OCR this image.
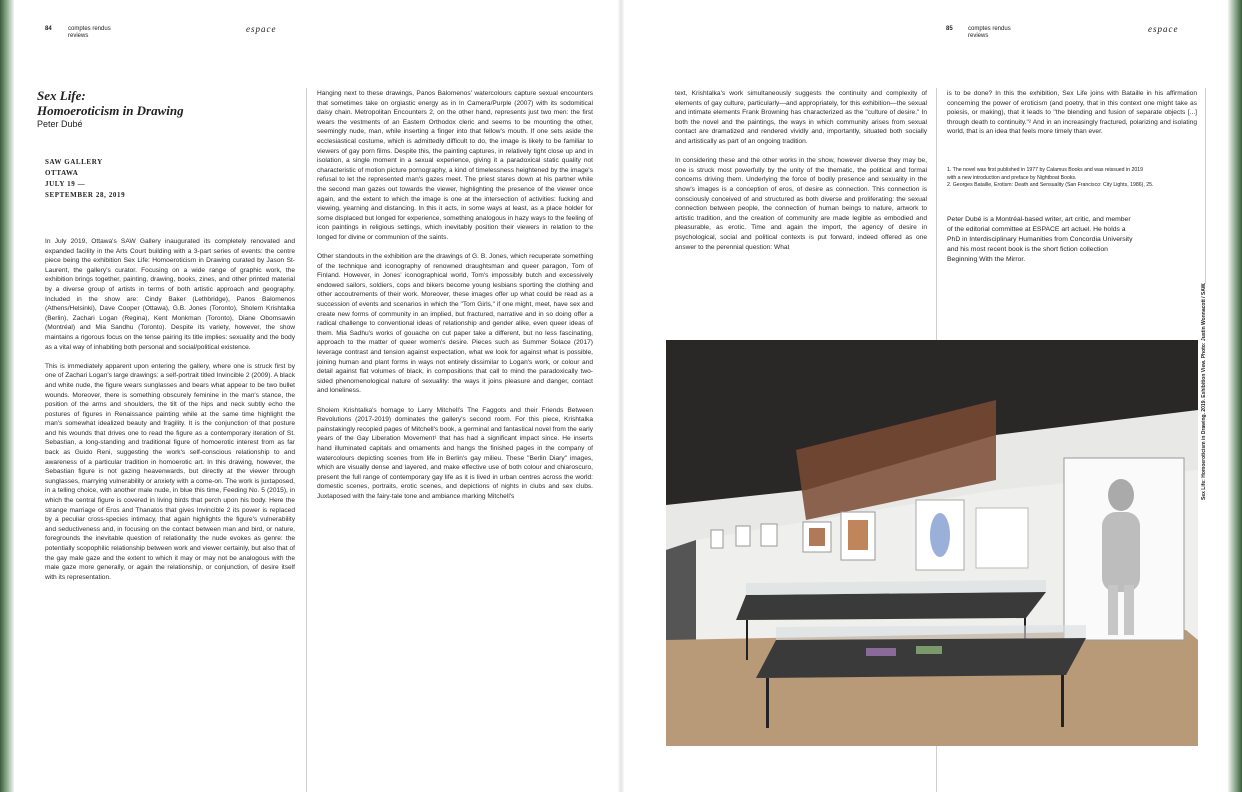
84	comptes rendus
reviews
espace	85	comptes rendus
reviews
espace
Sex Life:
Homoeroticism in Drawing
Peter Dubé
SAW GALLERY
OTTAWA
JULY 19 —
SEPTEMBER 28, 2019

In July 2019, Ottawa's SAW Gallery inaugurated its completely renovated and expanded facility in the Arts Court building with a 3-part series of events: the centre piece being the exhibition Sex Life: Homoeroticism in Drawing curated by Jason St-Laurent, the gallery's curator. Focusing on a wide range of graphic work, the exhibition brings together, painting, drawing, books, zines, and other printed material by a diverse group of artists in terms of both artistic approach and geography. Included in the show are: Cindy Baker (Lethbridge), Panos Balomenos (Athens/Helsinki), Dave Cooper (Ottawa), G.B. Jones (Toronto), Sholem Krishtalka (Berlin), Zachari Logan (Regina), Kent Monkman (Toronto), Diane Obomsawin (Montréal) and Mia Sandhu (Toronto). Despite its variety, however, the show maintains a rigorous focus on the tense pairing its title implies: sexuality and the body as a vital way of inhabiting both personal and social/political existence.

This is immediately apparent upon entering the gallery, where one is struck first by one of Zachari Logan's large drawings: a self-portrait titled Invincible 2 (2009). A black and white nude, the figure wears sunglasses and bears what appear to be two bullet wounds. Moreover, there is something obscurely feminine in the man's stance, the position of the arms and shoulders, the tilt of the hips and neck subtly echo the postures of figures in Renaissance painting while at the same time highlight the man's somewhat idealized beauty and fragility. It is the conjunction of that posture and his wounds that drives one to read the figure as a contemporary iteration of St. Sebastian, a long-standing and traditional figure of homoerotic interest from as far back as Guido Reni, suggesting the work's self-conscious relationship to and awareness of a particular tradition in homoerotic art. In this drawing, however, the Sebastian figure is not gazing heavenwards, but directly at the viewer through sunglasses, marrying vulnerability or anxiety with a come-on. The work is juxtaposed, in a telling choice, with another male nude, in blue this time, Feeding No. 5 (2015), in which the central figure is covered in living birds that perch upon his body. Here the strange marriage of Eros and Thanatos that gives Invincible 2 its power is replaced by a peculiar cross-species intimacy, that again highlights the figure's vulnerability and seductiveness and, in focusing on the contact between man and bird, or nature, foregrounds the inevitable question of relationality the nude evokes as genre: the potentially scopophilic relationship between work and viewer certainly, but also that of the gay male gaze and the extent to which it may or may not be analogous with the male gaze more generally, or again the relationship, or conjunction, of desire itself with its representation.

Hanging next to these drawings, Panos Balomenos' watercolours capture sexual encounters that sometimes take on orgiastic energy as in In Camera/Purple (2007) with its sodomitical daisy chain. Metropolitan Encounters 2, on the other hand, represents just two men: the first wears the vestments of an Eastern Orthodox cleric and seems to be mounting the other, seemingly nude, man, while inserting a finger into that fellow's mouth. If one sets aside the ecclesiastical costume, which is admittedly difficult to do, the image is likely to be familiar to viewers of gay porn films. Despite this, the painting captures, in relatively tight close up and in isolation, a single moment in a sexual experience, giving it a paradoxical static quality not characteristic of motion picture pornography, a kind of timelessness heightened by the image's refusal to let the represented man's gazes meet. The priest stares down at his partner while the second man gazes out towards the viewer, highlighting the presence of the viewer once again, and the extent to which the image is one at the intersection of activities: fucking and viewing, yearning and distancing. In this it acts, in some ways at least, as a place holder for some displaced but longed for experience, something analogous in hazy ways to the feeling of icon paintings in religious settings, which inevitably position their viewers in relation to the longed for divine or communion of the saints.

Other standouts in the exhibition are the drawings of G. B. Jones, which recuperate something of the technique and iconography of renowned draughtsman and queer paragon, Tom of Finland. However, in Jones' iconographical world, Tom's impossibly butch and excessively endowed sailors, soldiers, cops and bikers become young lesbians sporting the clothing and other accoutrements of their work. Moreover, these images offer up what could be read as a succession of events and scenarios in which the "Tom Girls," if one might, meet, have sex and create new forms of community in an implied, but fractured, narrative and in so doing offer a radical challenge to conventional ideas of relationship and gender alike, even queer ideas of them. Mia Sadhu's works of gouache on cut paper take a different, but no less fascinating, approach to the matter of queer women's desire. Pieces such as Summer Solace (2017) leverage contrast and tension against expectation, what we look for against what is possible, joining human and plant forms in ways not entirely dissimilar to Logan's work, or colour and detail against flat volumes of black, in compositions that call to mind the paradoxically two-sided phenomenological nature of sexuality: the ways it joins pleasure and danger, contact and loneliness.

Sholem Krishtalka's homage to Larry Mitchell's The Faggots and their Friends Between Revolutions (2017-2019) dominates the gallery's second room. For this piece, Krishtalka painstakingly recopied pages of Mitchell's book, a germinal and fantastical novel from the early years of the Gay Liberation Movement¹ that has had a significant impact since. He inserts hand illuminated capitals and ornaments and hangs the finished pages in the company of watercolours depicting scenes from life in Berlin's gay milieu. These "Berlin Diary" images, which are visually dense and layered, and make effective use of both colour and chiaroscuro, present the full range of contemporary gay life as it is lived in urban centres across the world: domestic scenes, portraits, erotic scenes, and depictions of nights in clubs and sex clubs. Juxtaposed with the fairy-tale tone and ambiance marking Mitchell's

text, Krishtalka's work simultaneously suggests the continuity and complexity of elements of gay culture, particularly—and appropriately, for this exhibition—the sexual and intimate elements Frank Browning has characterized as the "culture of desire." In both the novel and the paintings, the ways in which community arises from sexual contact are dramatized and rendered vividly and, importantly, situated both socially and artistically as part of an ongoing tradition.

In considering these and the other works in the show, however diverse they may be, one is struck most powerfully by the unity of the thematic, the political and formal concerns driving them. Underlying the force of bodily presence and sexuality in the show's images is a conception of eros, of desire as connection. This connection is consciously conceived of and structured as both diverse and proliferating: the sexual connection between people, the connection of human beings to nature, artwork to artistic tradition, and the creation of community are made legible as embodied and pleasurable, as erotic. Time and again the import, the agency of desire in psychological, social and political contexts is put forward, indeed offered as one answer to the perennial question: What

is to be done? In this the exhibition, Sex Life joins with Bataille in his affirmation concerning the power of eroticism (and poetry, that in this context one might take as poiesis, or making), that it leads to "the blending and fusion of separate objects [...] through death to continuity."² And in an increasingly fractured, polarizing and isolating world, that is an idea that feels more timely than ever.

1. The novel was first published in 1977 by Calamus Books and was reissued in 2019
with a new introduction and preface by Nightboat Books.
2. Georges Bataille, Erotism: Death and Sensuality (San Francisco: City Lights, 1986), 25.
Peter Dubé is a Montréal-based writer, art critic, and member of the editorial committee at ESPACE art actuel. He holds a PhD in Interdisciplinary Humanities from Concordia University and his most recent book is the short fiction collection Beginning With the Mirror.
Sex Life: Homoeroticism in Drawing. 2019. Exhibition View. Photo: Justin Wonnacott / SAW.
